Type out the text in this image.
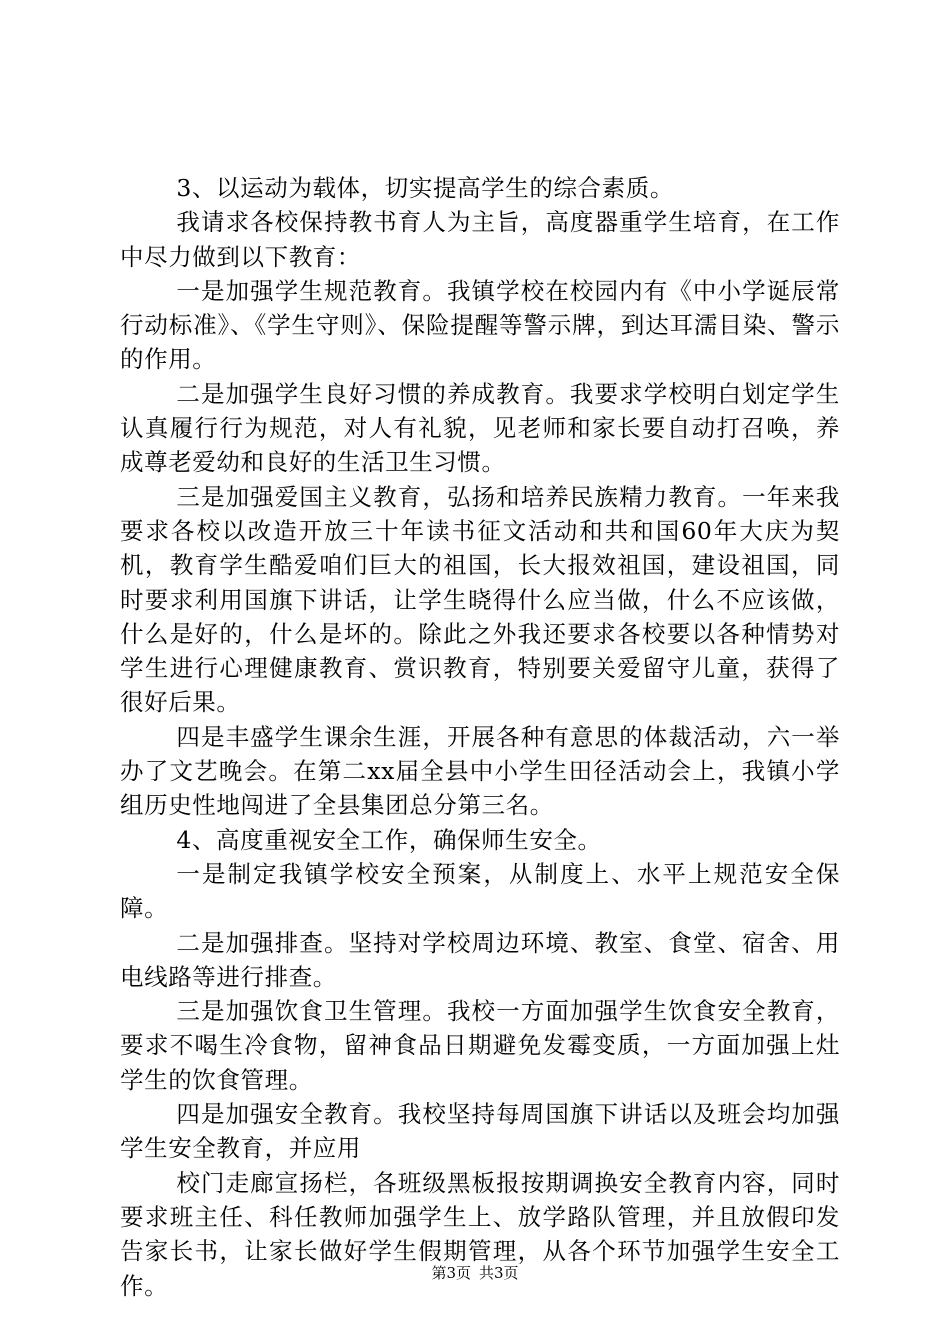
3、以运动为载体，切实提高学生的综合素质。

我请求各校保持教书育人为主旨，高度器重学生培育，在工作中尽力做到以下教育：

一是加强学生规范教育。我镇学校在校园内有《中小学诞辰常行动标准》、《学生守则》、保险提醒等警示牌，到达耳濡目染、警示的作用。

二是加强学生良好习惯的养成教育。我要求学校明白划定学生认真履行行为规范，对人有礼貌，见老师和家长要自动打召唤，养成尊老爱幼和良好的生活卫生习惯。

三是加强爱国主义教育，弘扬和培养民族精力教育。一年来我要求各校以改造开放三十年读书征文活动和共和国60年大庆为契机，教育学生酷爱咱们巨大的祖国，长大报效祖国，建设祖国，同时要求利用国旗下讲话，让学生晓得什么应当做，什么不应该做，什么是好的，什么是坏的。除此之外我还要求各校要以各种情势对学生进行心理健康教育、赏识教育，特别要关爱留守儿童，获得了很好后果。

四是丰盛学生课余生涯，开展各种有意思的体裁活动，六一举办了文艺晚会。在第二xx届全县中小学生田径活动会上，我镇小学组历史性地闯进了全县集团总分第三名。

4、高度重视安全工作，确保师生安全。

一是制定我镇学校安全预案，从制度上、水平上规范安全保障。

二是加强排查。坚持对学校周边环境、教室、食堂、宿舍、用电线路等进行排查。

三是加强饮食卫生管理。我校一方面加强学生饮食安全教育，要求不喝生冷食物，留神食品日期避免发霉变质，一方面加强上灶学生的饮食管理。

四是加强安全教育。我校坚持每周国旗下讲话以及班会均加强学生安全教育，并应用

校门走廊宣扬栏，各班级黑板报按期调换安全教育内容，同时要求班主任、科任教师加强学生上、放学路队管理，并且放假印发告家长书，让家长做好学生假期管理，从各个环节加强学生安全工作。	第3页 共3页
